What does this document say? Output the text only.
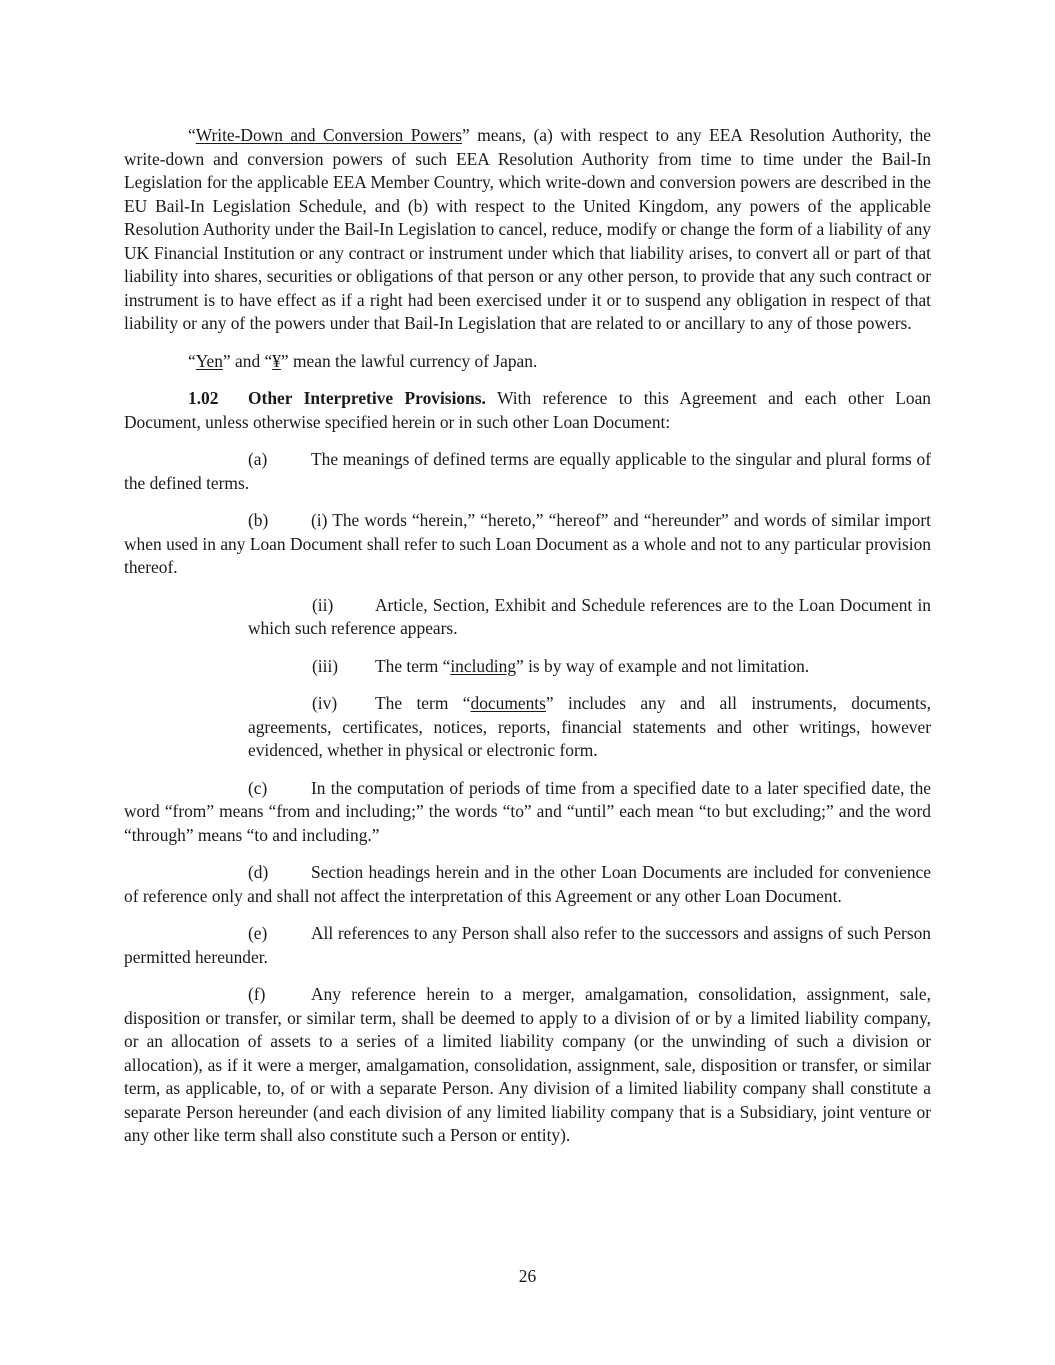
“Write-Down and Conversion Powers” means, (a) with respect to any EEA Resolution Authority, the write-down and conversion powers of such EEA Resolution Authority from time to time under the Bail-In Legislation for the applicable EEA Member Country, which write-down and conversion powers are described in the EU Bail-In Legislation Schedule, and (b) with respect to the United Kingdom, any powers of the applicable Resolution Authority under the Bail-In Legislation to cancel, reduce, modify or change the form of a liability of any UK Financial Institution or any contract or instrument under which that liability arises, to convert all or part of that liability into shares, securities or obligations of that person or any other person, to provide that any such contract or instrument is to have effect as if a right had been exercised under it or to suspend any obligation in respect of that liability or any of the powers under that Bail-In Legislation that are related to or ancillary to any of those powers.

“Yen” and “¥” mean the lawful currency of Japan.

1.02 Other Interpretive Provisions. With reference to this Agreement and each other Loan Document, unless otherwise specified herein or in such other Loan Document:

(a)	The meanings of defined terms are equally applicable to the singular and plural forms of the defined terms.

(b) (i) The words “herein,” “hereto,” “hereof” and “hereunder” and words of similar import when used in any Loan Document shall refer to such Loan Document as a whole and not to any particular provision thereof.

(ii) Article, Section, Exhibit and Schedule references are to the Loan Document in which such reference appears.

(iii) The term “including” is by way of example and not limitation.

(iv) The term “documents” includes any and all instruments, documents, agreements, certificates, notices, reports, financial statements and other writings, however evidenced, whether in physical or electronic form.

(c)	In the computation of periods of time from a specified date to a later specified date, the word “from” means “from and including;” the words “to” and “until” each mean “to but excluding;” and the word “through” means “to and including.”

(d) Section headings herein and in the other Loan Documents are included for convenience of reference only and shall not affect the interpretation of this Agreement or any other Loan Document.

(e)	All references to any Person shall also refer to the successors and assigns of such Person permitted hereunder.

(f)	Any reference herein to a merger, amalgamation, consolidation, assignment, sale, disposition or transfer, or similar term, shall be deemed to apply to a division of or by a limited liability company, or an allocation of assets to a series of a limited liability company (or the unwinding of such a division or allocation), as if it were a merger, amalgamation, consolidation, assignment, sale, disposition or transfer, or similar term, as applicable, to, of or with a separate Person. Any division of a limited liability company shall constitute a separate Person hereunder (and each division of any limited liability company that is a Subsidiary, joint venture or any other like term shall also constitute such a Person or entity).

26
